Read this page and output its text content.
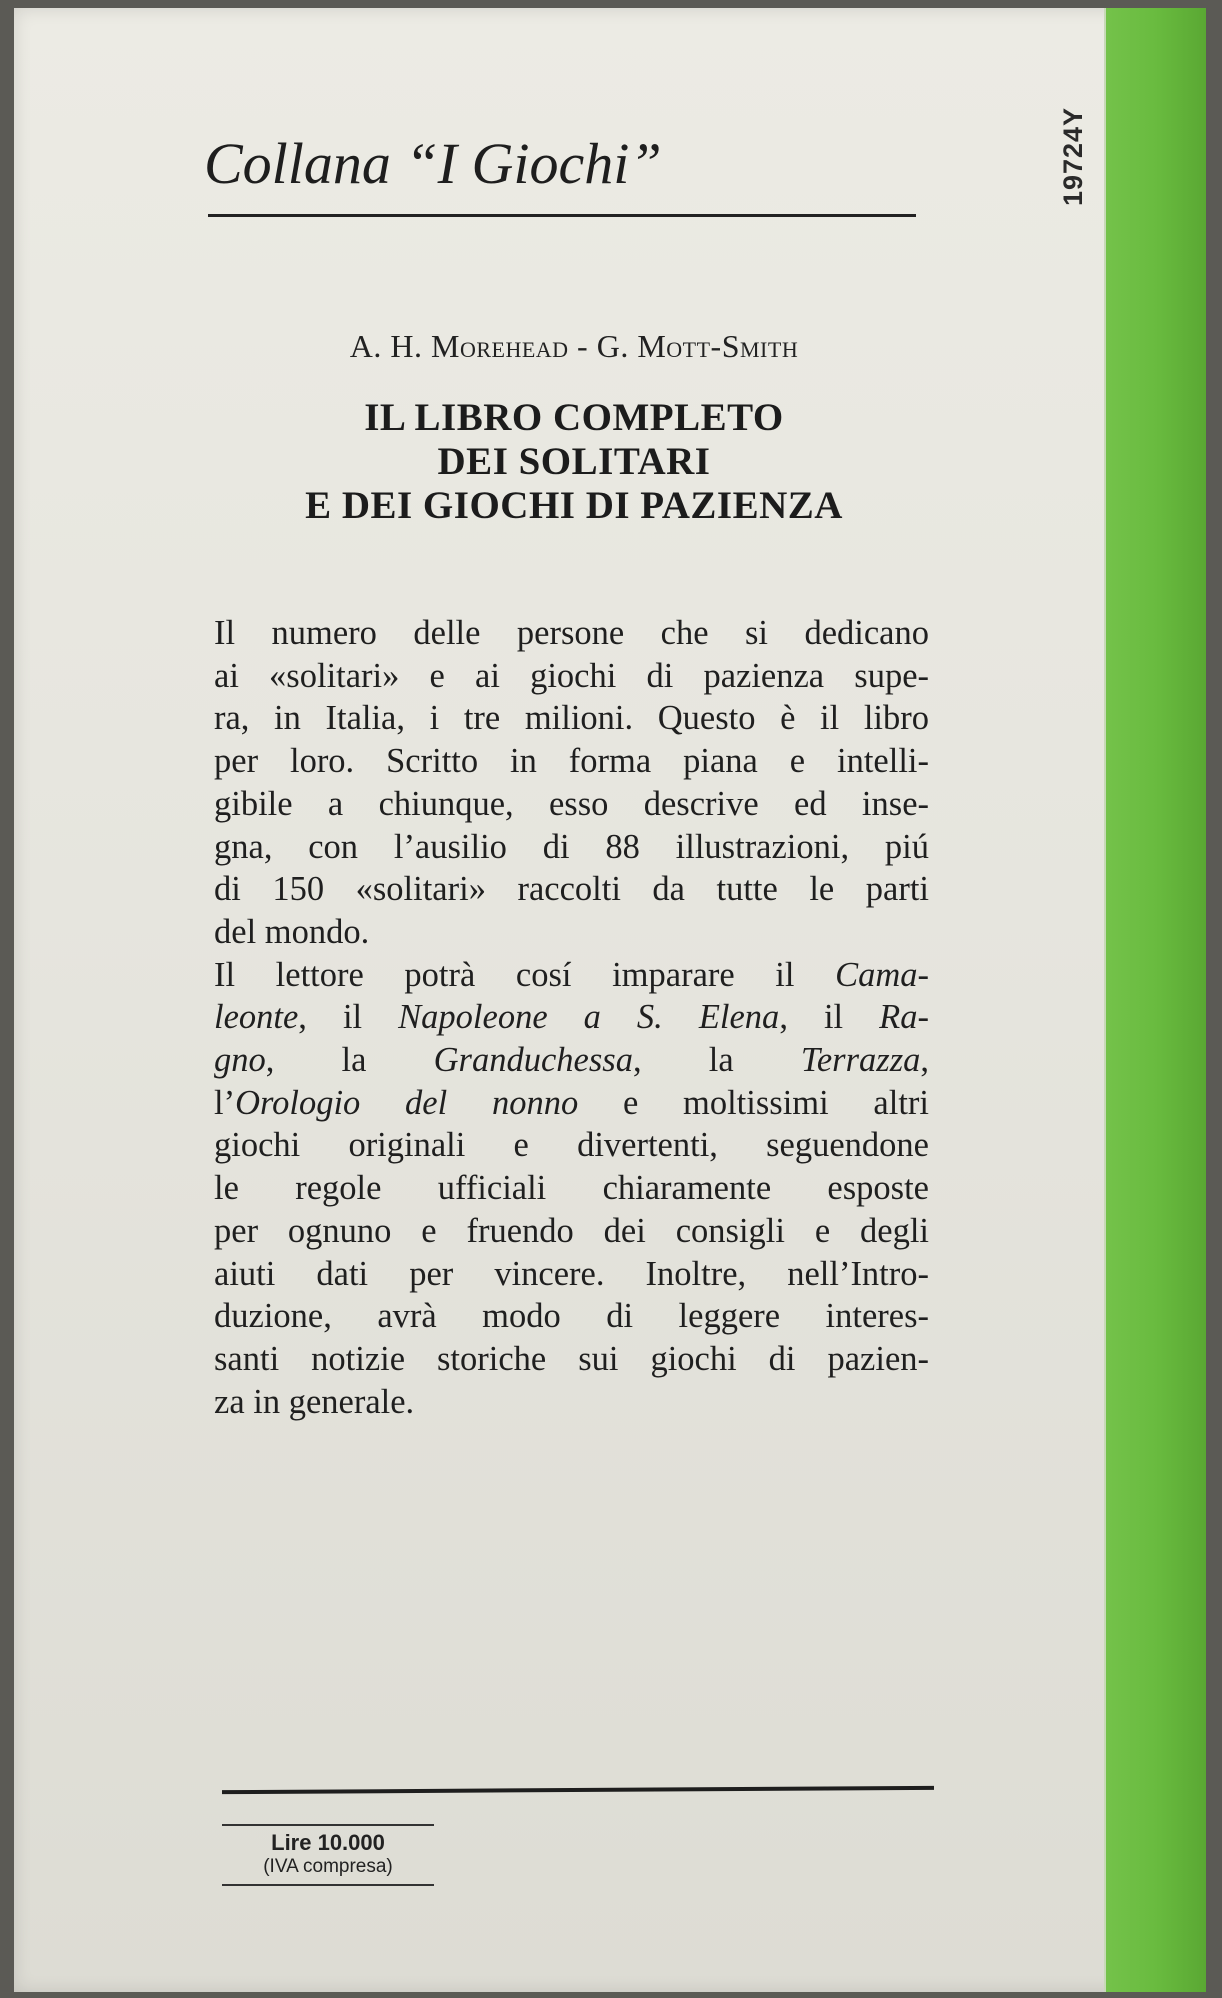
19724Y
Collana “I Giochi”
A. H. Morehead - G. Mott-Smith
IL LIBRO COMPLETO
DEI SOLITARI
E DEI GIOCHI DI PAZIENZA
Il numero delle persone che si dedicano
ai «solitari» e ai giochi di pazienza supe-
ra, in Italia, i tre milioni. Questo è il libro
per loro. Scritto in forma piana e intelli-
gibile a chiunque, esso descrive ed inse-
gna, con l’ausilio di 88 illustrazioni, piú
di 150 «solitari» raccolti da tutte le parti
del mondo.
Il lettore potrà cosí imparare il Cama-
leonte, il Napoleone a S. Elena, il Ra-
gno, la Granduchessa, la Terrazza,
l’Orologio del nonno e moltissimi altri
giochi originali e divertenti, seguendone
le regole ufficiali chiaramente esposte
per ognuno e fruendo dei consigli e degli
aiuti dati per vincere. Inoltre, nell’Intro-
duzione, avrà modo di leggere interes-
santi notizie storiche sui giochi di pazien-
za in generale.
Lire 10.000
(IVA compresa)
